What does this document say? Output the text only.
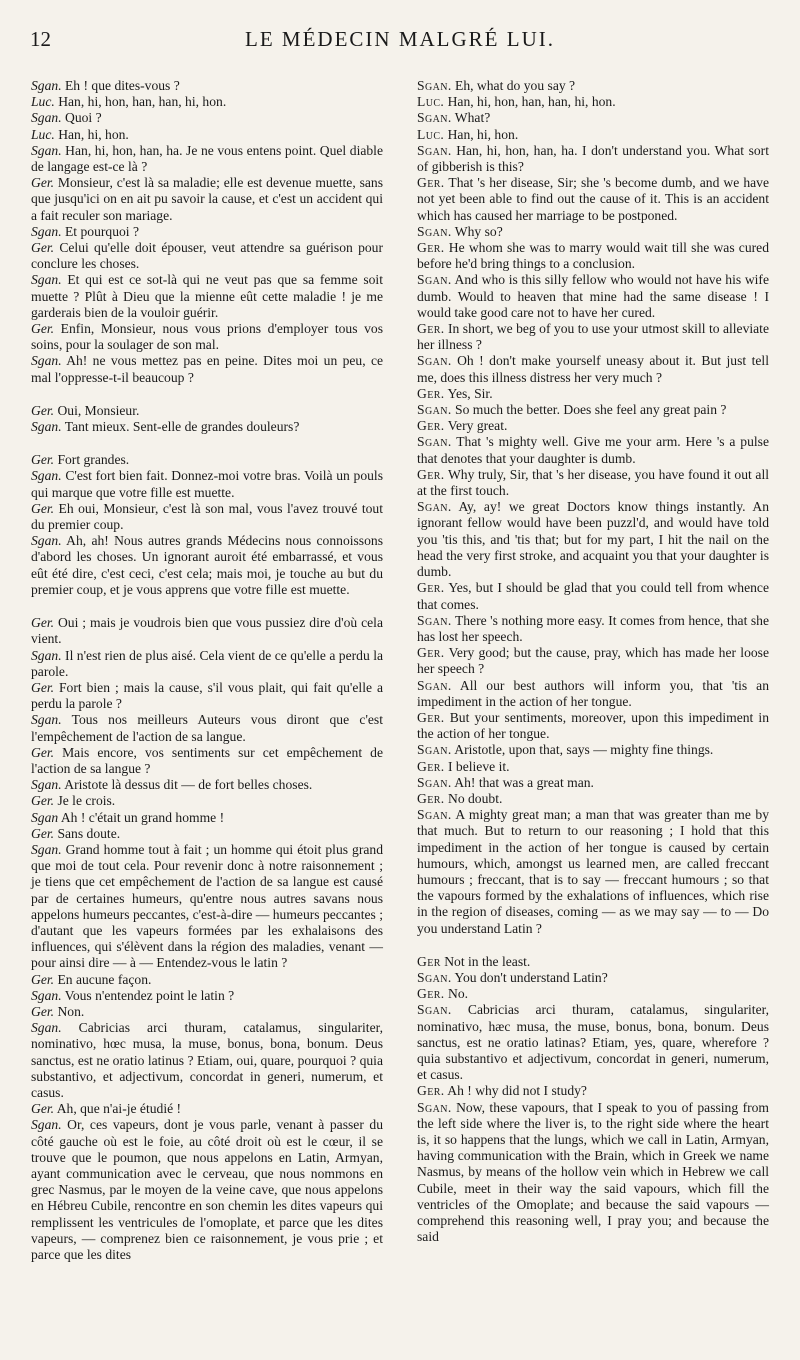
12	LE MÉDECIN MALGRÉ LUI.

Sgan. Eh ! que dites-vous ?

Luc. Han, hi, hon, han, han, hi, hon.

Sgan. Quoi ?

Luc. Han, hi, hon.

Sgan. Han, hi, hon, han, ha. Je ne vous entens point. Quel diable de langage est-ce là ?

Ger. Monsieur, c'est là sa maladie; elle est devenue muette, sans que jusqu'ici on en ait pu savoir la cause, et c'est un accident qui a fait reculer son mariage.

Sgan. Et pourquoi ?

Ger. Celui qu'elle doit épouser, veut attendre sa guérison pour conclure les choses.

Sgan. Et qui est ce sot-là qui ne veut pas que sa femme soit muette ? Plût à Dieu que la mienne eût cette maladie ! je me garderais bien de la vouloir guérir.

Ger. Enfin, Monsieur, nous vous prions d'employer tous vos soins, pour la soulager de son mal.

Sgan. Ah! ne vous mettez pas en peine. Dites moi un peu, ce mal l'oppresse-t-il beaucoup ?

Ger. Oui, Monsieur.

Sgan. Tant mieux. Sent-elle de grandes douleurs?

Ger. Fort grandes.

Sgan. C'est fort bien fait. Donnez-moi votre bras. Voilà un pouls qui marque que votre fille est muette.

Ger. Eh oui, Monsieur, c'est là son mal, vous l'avez trouvé tout du premier coup.

Sgan. Ah, ah! Nous autres grands Médecins nous connoissons d'abord les choses. Un ignorant auroit été embarrassé, et vous eût été dire, c'est ceci, c'est cela; mais moi, je touche au but du premier coup, et je vous apprens que votre fille est muette.

Ger. Oui ; mais je voudrois bien que vous pussiez dire d'où cela vient.

Sgan. Il n'est rien de plus aisé. Cela vient de ce qu'elle a perdu la parole.

Ger. Fort bien ; mais la cause, s'il vous plait, qui fait qu'elle a perdu la parole ?

Sgan. Tous nos meilleurs Auteurs vous diront que c'est l'empêchement de l'action de sa langue.

Ger. Mais encore, vos sentiments sur cet empêchement de l'action de sa langue ?

Sgan. Aristote là dessus dit — de fort belles choses.

Ger. Je le crois.

Sgan Ah ! c'était un grand homme !

Ger. Sans doute.

Sgan. Grand homme tout à fait ; un homme qui étoit plus grand que moi de tout cela. Pour revenir donc à notre raisonnement ; je tiens que cet empêchement de l'action de sa langue est causé par de certaines humeurs, qu'entre nous autres savans nous appelons humeurs peccantes, c'est-à-dire — humeurs peccantes ; d'autant que les vapeurs formées par les exhalaisons des influences, qui s'élèvent dans la région des maladies, venant — pour ainsi dire — à — Entendez-vous le latin ?

Ger. En aucune façon.

Sgan. Vous n'entendez point le latin ?

Ger. Non.

Sgan. Cabricias arci thuram, catalamus, singulariter, nominativo, hœc musa, la muse, bonus, bona, bonum. Deus sanctus, est ne oratio latinus ? Etiam, oui, quare, pourquoi ? quia substantivo, et adjectivum, concordat in generi, numerum, et casus.

Ger. Ah, que n'ai-je étudié !

Sgan. Or, ces vapeurs, dont je vous parle, venant à passer du côté gauche où est le foie, au côté droit où est le cœur, il se trouve que le poumon, que nous appelons en Latin, Armyan, ayant communication avec le cerveau, que nous nommons en grec Nasmus, par le moyen de la veine cave, que nous appelons en Hébreu Cubile, rencontre en son chemin les dites vapeurs qui remplissent les ventricules de l'omoplate, et parce que les dites vapeurs, — comprenez bien ce raisonnement, je vous prie ; et parce que les dites

Sgan. Eh, what do you say ?

Luc. Han, hi, hon, han, han, hi, hon.

Sgan. What?

Luc. Han, hi, hon.

Sgan. Han, hi, hon, han, ha. I don't understand you. What sort of gibberish is this?

Ger. That 's her disease, Sir; she 's become dumb, and we have not yet been able to find out the cause of it. This is an accident which has caused her marriage to be postponed.

Sgan. Why so?

Ger. He whom she was to marry would wait till she was cured before he'd bring things to a conclusion.

Sgan. And who is this silly fellow who would not have his wife dumb. Would to heaven that mine had the same disease ! I would take good care not to have her cured.

Ger. In short, we beg of you to use your utmost skill to alleviate her illness ?

Sgan. Oh ! don't make yourself uneasy about it. But just tell me, does this illness distress her very much ?

Ger. Yes, Sir.

Sgan. So much the better. Does she feel any great pain ?

Ger. Very great.

Sgan. That 's mighty well. Give me your arm. Here 's a pulse that denotes that your daughter is dumb.

Ger. Why truly, Sir, that 's her disease, you have found it out all at the first touch.

Sgan. Ay, ay! we great Doctors know things instantly. An ignorant fellow would have been puzzl'd, and would have told you 'tis this, and 'tis that; but for my part, I hit the nail on the head the very first stroke, and acquaint you that your daughter is dumb.

Ger. Yes, but I should be glad that you could tell from whence that comes.

Sgan. There 's nothing more easy. It comes from hence, that she has lost her speech.

Ger. Very good; but the cause, pray, which has made her loose her speech ?

Sgan. All our best authors will inform you, that 'tis an impediment in the action of her tongue.

Ger. But your sentiments, moreover, upon this impediment in the action of her tongue.

Sgan. Aristotle, upon that, says — mighty fine things.

Ger. I believe it.

Sgan. Ah! that was a great man.

Ger. No doubt.

Sgan. A mighty great man; a man that was greater than me by that much. But to return to our reasoning ; I hold that this impediment in the action of her tongue is caused by certain humours, which, amongst us learned men, are called freccant humours ; freccant, that is to say — freccant humours ; so that the vapours formed by the exhalations of influences, which rise in the region of diseases, coming — as we may say — to — Do you understand Latin ?

Ger Not in the least.

Sgan. You don't understand Latin?

Ger. No.

Sgan. Cabricias arci thuram, catalamus, singulariter, nominativo, hæc musa, the muse, bonus, bona, bonum. Deus sanctus, est ne oratio latinas? Etiam, yes, quare, wherefore ? quia substantivo et adjectivum, concordat in generi, numerum, et casus.

Ger. Ah ! why did not I study?

Sgan. Now, these vapours, that I speak to you of passing from the left side where the liver is, to the right side where the heart is, it so happens that the lungs, which we call in Latin, Armyan, having communication with the Brain, which in Greek we name Nasmus, by means of the hollow vein which in Hebrew we call Cubile, meet in their way the said vapours, which fill the ventricles of the Omoplate; and because the said vapours — comprehend this reasoning well, I pray you; and because the said
